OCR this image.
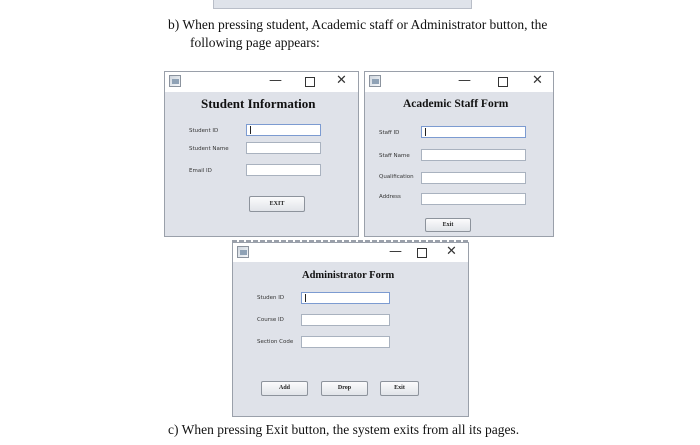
b) When pressing student, Academic staff or Administrator button, the
following page appears:
—	✕
Student Information
Student ID
Student Name
Email ID
EXIT
—	✕
Academic Staff Form
Staff ID
Staff Name
Qualification
Address
Exit
—	✕
Administrator Form
Studen ID
Course ID
Section Code
Add	Drop	Exit
c) When pressing Exit button, the system exits from all its pages.
